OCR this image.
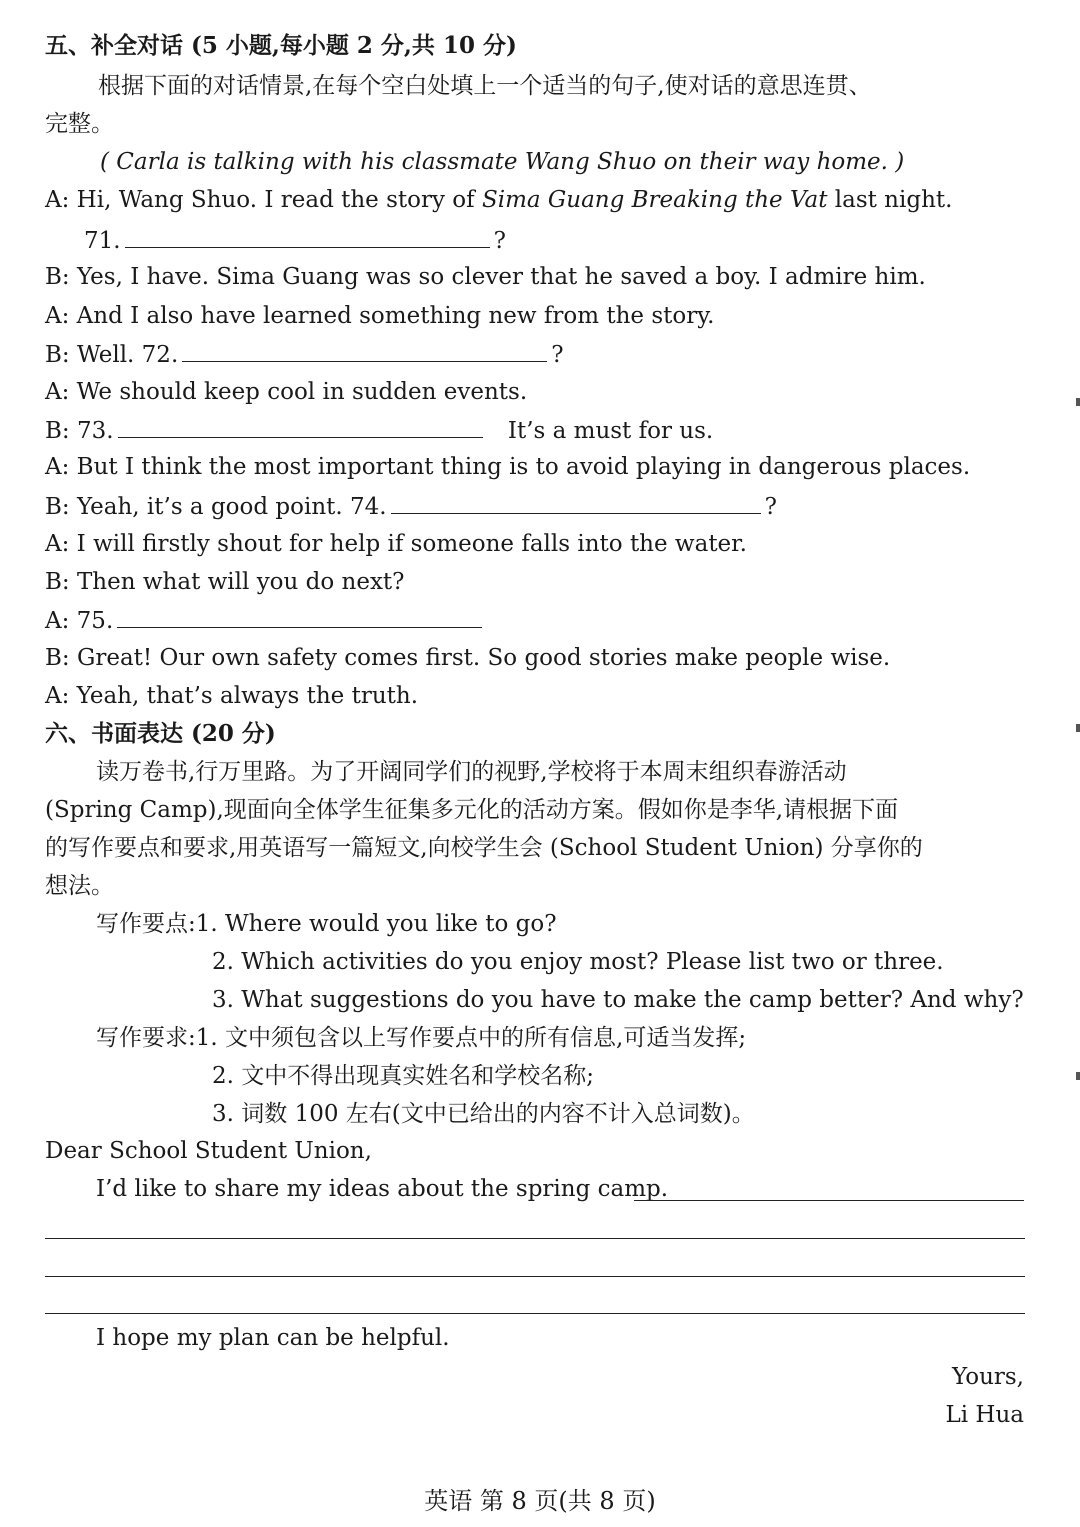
五、补全对话 (5 小题,每小题 2 分,共 10 分)
根据下面的对话情景,在每个空白处填上一个适当的句子,使对话的意思连贯、
完整。
( Carla is talking with his classmate Wang Shuo on their way home. )
A: Hi, Wang Shuo. I read the story of Sima Guang Breaking the Vat last night.
71.	?
B: Yes, I have. Sima Guang was so clever that he saved a boy. I admire him.
A: And I also have learned something new from the story.
B: Well. 72.	?
A: We should keep cool in sudden events.
B: 73.	It’s a must for us.
A: But I think the most important thing is to avoid playing in dangerous places.
B: Yeah, it’s a good point. 74.	?
A: I will firstly shout for help if someone falls into the water.
B: Then what will you do next?
A: 75.
B: Great! Our own safety comes first. So good stories make people wise.
A: Yeah, that’s always the truth.
六、书面表达 (20 分)
读万卷书,行万里路。为了开阔同学们的视野,学校将于本周末组织春游活动
(Spring Camp),现面向全体学生征集多元化的活动方案。假如你是李华,请根据下面
的写作要点和要求,用英语写一篇短文,向校学生会 (School Student Union) 分享你的
想法。
写作要点:1. Where would you like to go?
2. Which activities do you enjoy most? Please list two or three.
3. What suggestions do you have to make the camp better? And why?
写作要求:1. 文中须包含以上写作要点中的所有信息,可适当发挥;
2. 文中不得出现真实姓名和学校名称;
3. 词数 100 左右(文中已给出的内容不计入总词数)。
Dear School Student Union,
I’d like to share my ideas about the spring camp.
I hope my plan can be helpful.
Yours,
Li Hua
英语 第 8 页(共 8 页)
